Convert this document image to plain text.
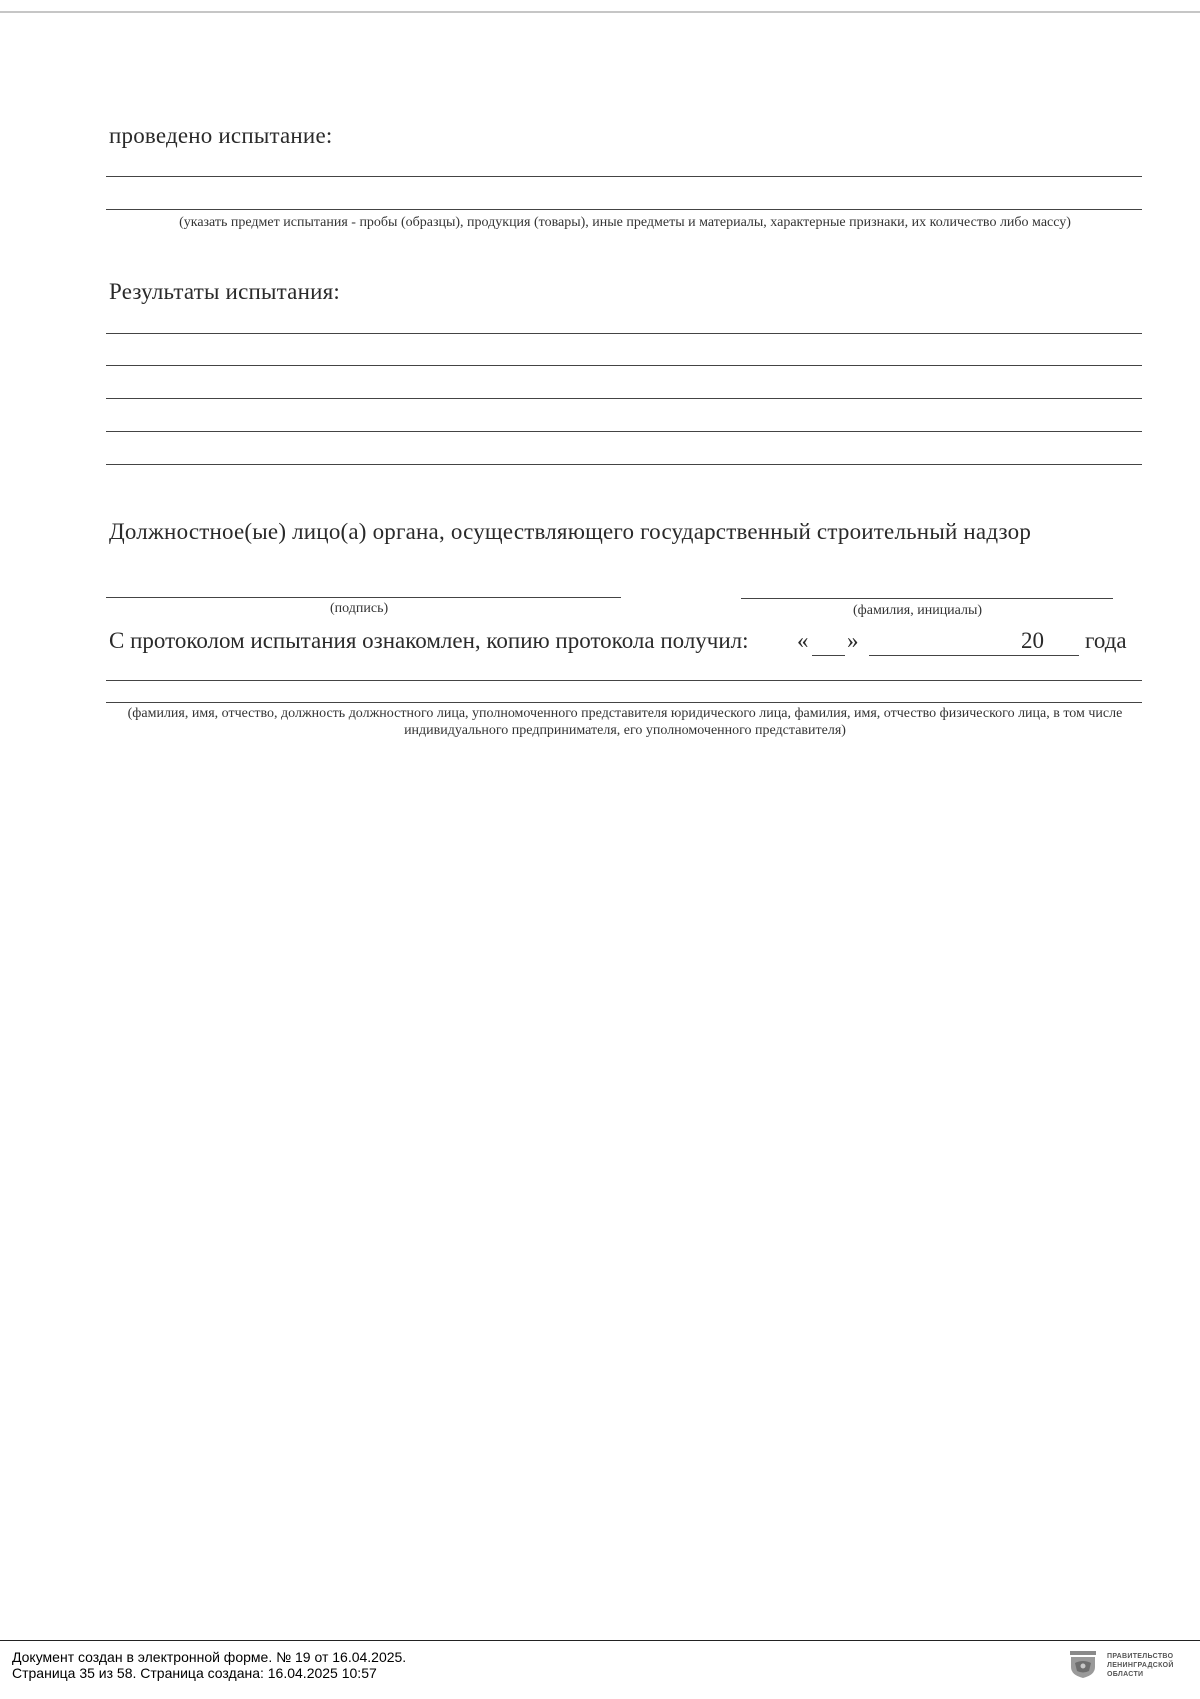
проведено испытание:
(указать предмет испытания - пробы (образцы), продукция (товары), иные предметы и материалы, характерные признаки, их количество либо массу)
Результаты испытания:
Должностное(ые) лицо(а) органа, осуществляющего государственный строительный надзор
(подпись)	(фамилия, инициалы)
С протоколом испытания ознакомлен, копию протокола получил: « »	20 года
(фамилия, имя, отчество, должность должностного лица, уполномоченного представителя юридического лица, фамилия, имя, отчество физического лица, в том числе индивидуального предпринимателя, его уполномоченного представителя)
Документ создан в электронной форме. № 19 от 16.04.2025.
Страница 35 из 58. Страница создана: 16.04.2025 10:57
ПРАВИТЕЛЬСТВО
ЛЕНИНГРАДСКОЙ
ОБЛАСТИ
